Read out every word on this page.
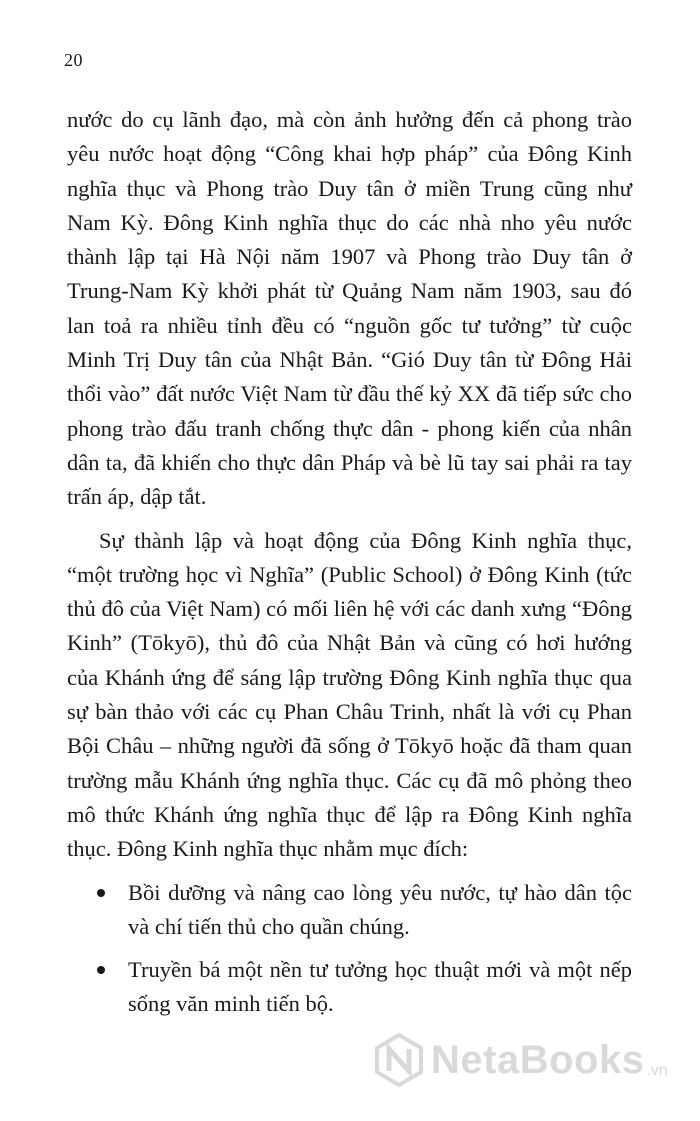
20

nước do cụ lãnh đạo, mà còn ảnh hưởng đến cả phong trào yêu nước hoạt động “Công khai hợp pháp” của Đông Kinh nghĩa thục và Phong trào Duy tân ở miền Trung cũng như Nam Kỳ. Đông Kinh nghĩa thục do các nhà nho yêu nước thành lập tại Hà Nội năm 1907 và Phong trào Duy tân ở Trung-Nam Kỳ khởi phát từ Quảng Nam năm 1903, sau đó lan toả ra nhiều tỉnh đều có “nguồn gốc tư tưởng” từ cuộc Minh Trị Duy tân của Nhật Bản. “Gió Duy tân từ Đông Hải thổi vào” đất nước Việt Nam từ đầu thế kỷ XX đã tiếp sức cho phong trào đấu tranh chống thực dân - phong kiến của nhân dân ta, đã khiến cho thực dân Pháp và bè lũ tay sai phải ra tay trấn áp, dập tắt.

Sự thành lập và hoạt động của Đông Kinh nghĩa thục, “một trường học vì Nghĩa” (Public School) ở Đông Kinh (tức thủ đô của Việt Nam) có mối liên hệ với các danh xưng “Đông Kinh” (Tōkyō), thủ đô của Nhật Bản và cũng có hơi hướng của Khánh ứng để sáng lập trường Đông Kinh nghĩa thục qua sự bàn thảo với các cụ Phan Châu Trinh, nhất là với cụ Phan Bội Châu – những người đã sống ở Tōkyō hoặc đã tham quan trường mẫu Khánh ứng nghĩa thục. Các cụ đã mô phỏng theo mô thức Khánh ứng nghĩa thục để lập ra Đông Kinh nghĩa thục. Đông Kinh nghĩa thục nhằm mục đích:

Bồi dưỡng và nâng cao lòng yêu nước, tự hào dân tộc và chí tiến thủ cho quần chúng.
Truyền bá một nền tư tưởng học thuật mới và một nếp sống văn minh tiến bộ.
NetaBooks .vn
